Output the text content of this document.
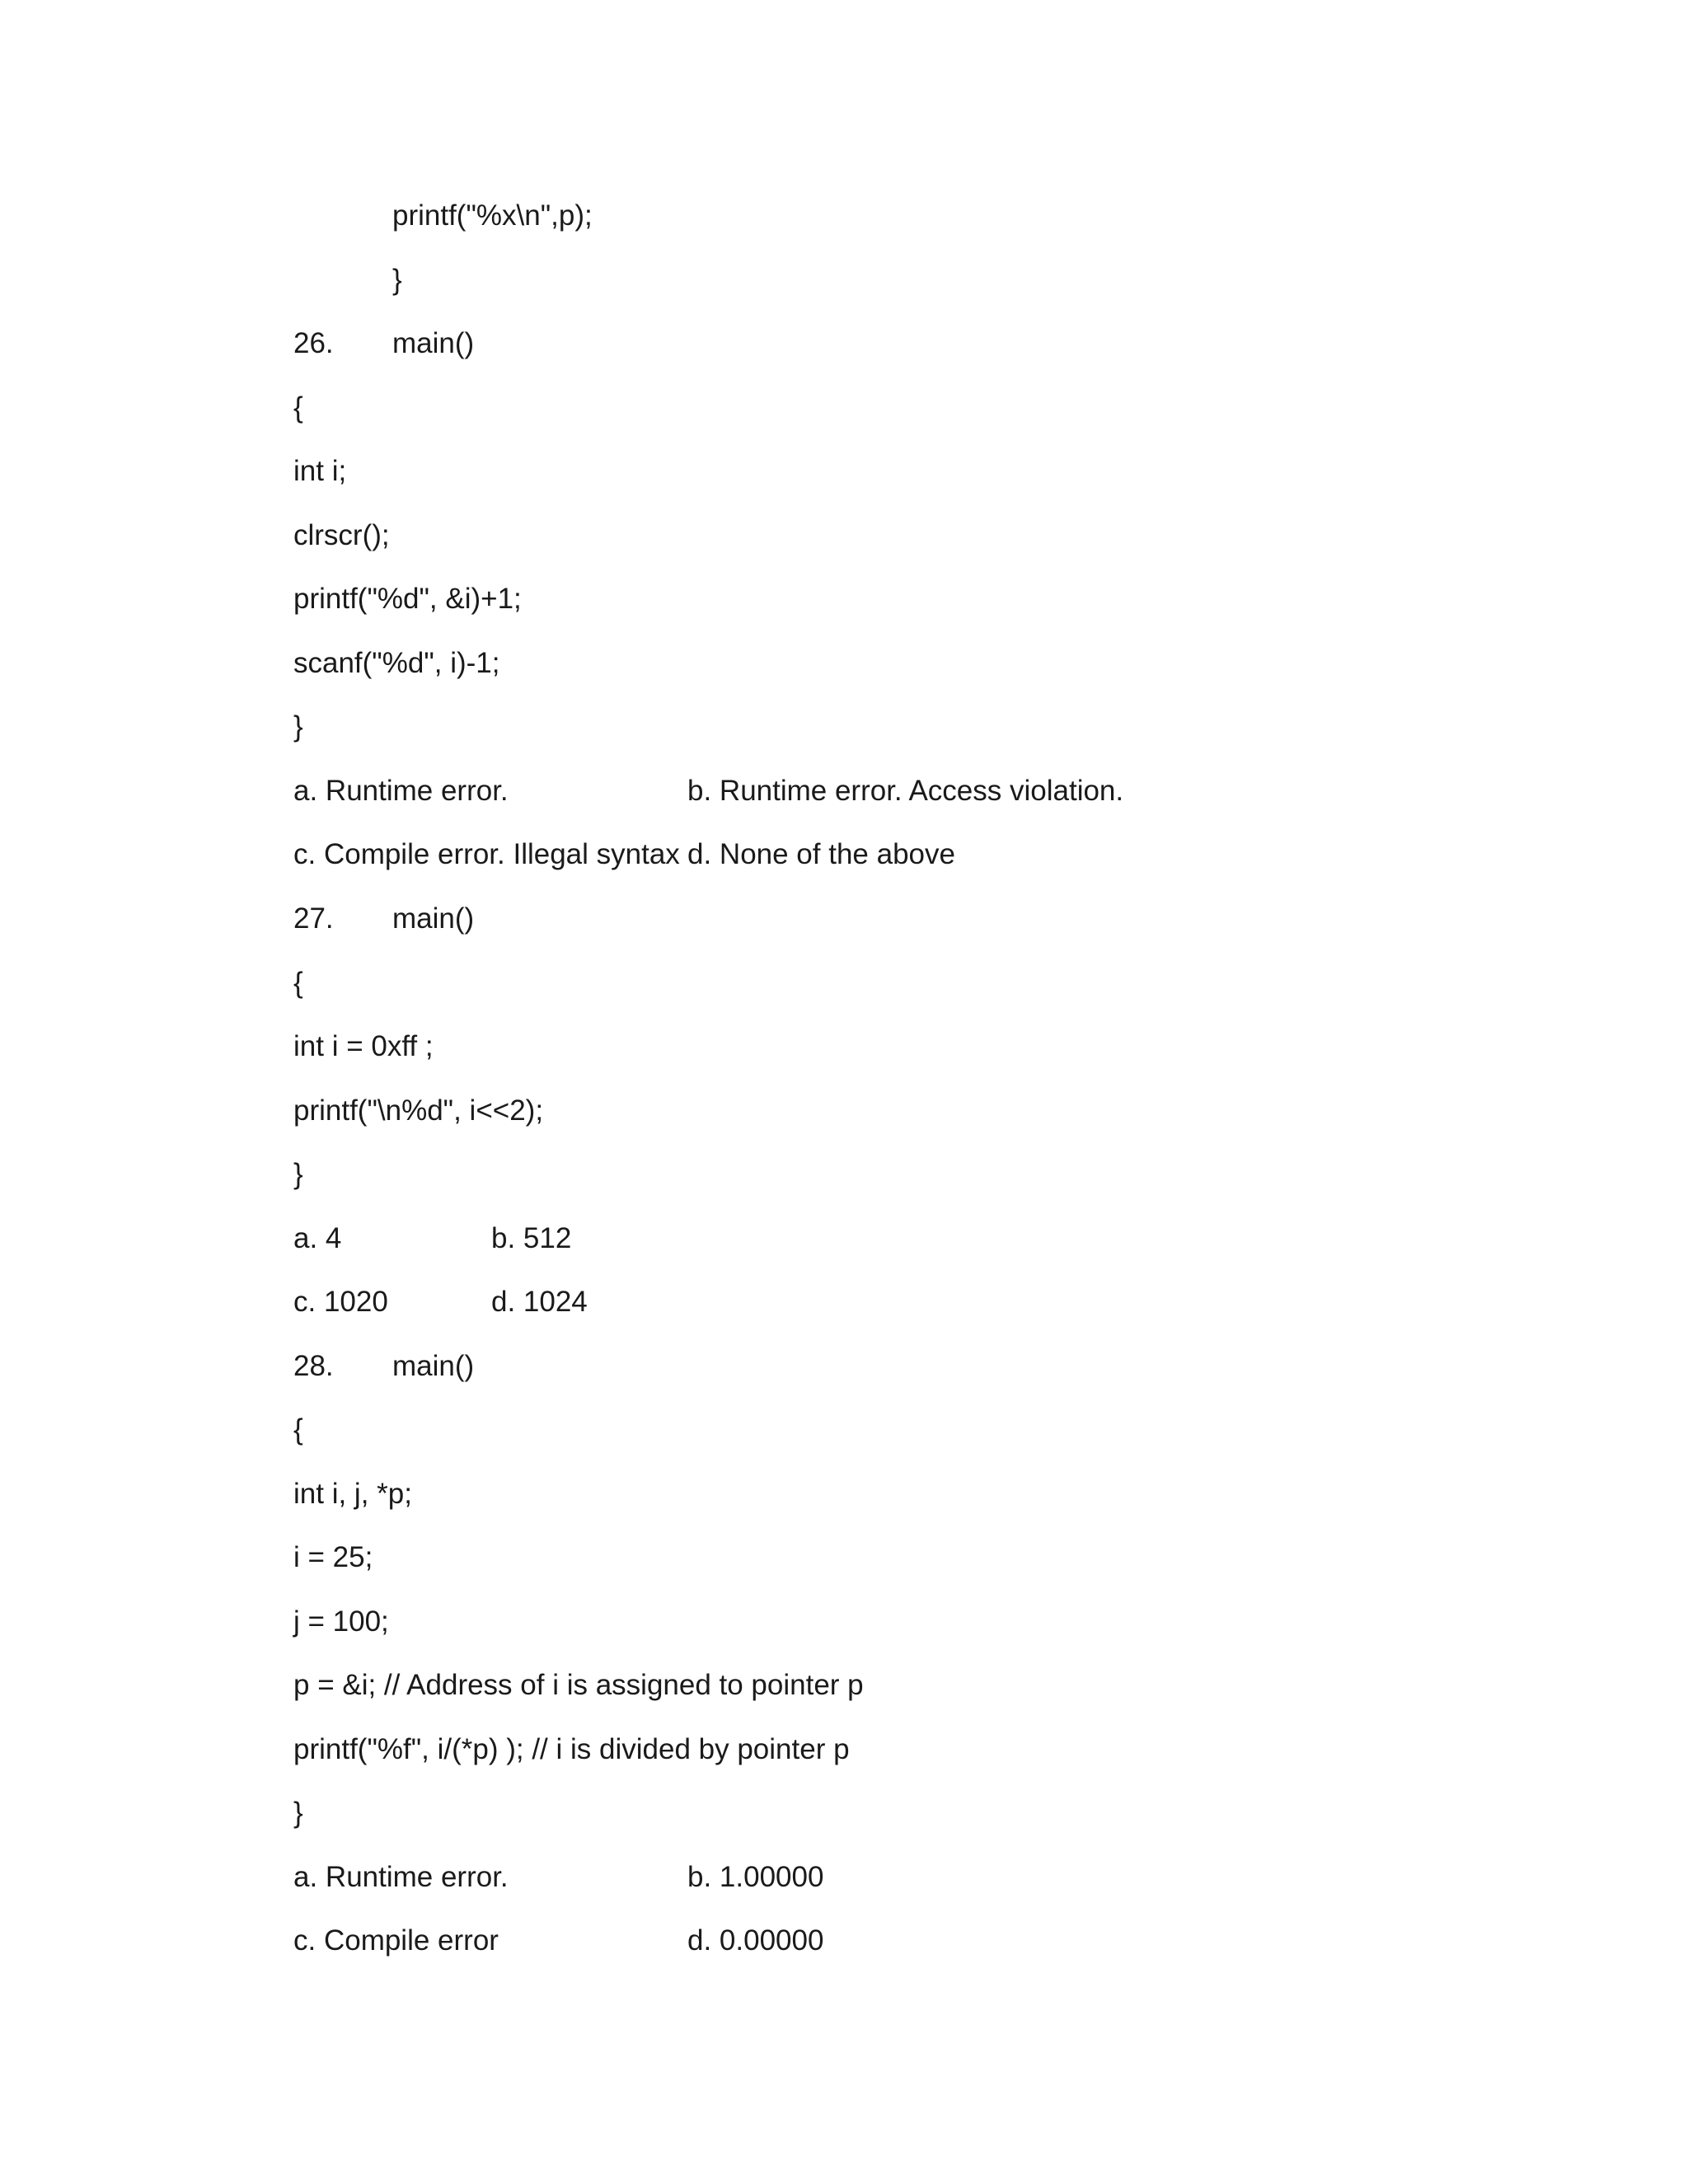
printf("%x\n",p);

}

26.

main()

{

int i;

clrscr();

printf("%d", &i)+1;

scanf("%d", i)-1;

}

a. Runtime error.

	b. Runtime error. Access violation.

c. Compile error. Illegal syntax

d. None of the above

27.

main()

{

int i = 0xff ;

printf("\n%d", i<<2);

}

a. 4

	b. 512

c. 1020

	d. 1024

28.

main()

{

int i, j, *p;

i = 25;

j = 100;

p = &i; // Address of i is assigned to pointer p

printf("%f", i/(*p) ); // i is divided by pointer p

}

a. Runtime error.

	b. 1.00000

c. Compile error

	d. 0.00000
